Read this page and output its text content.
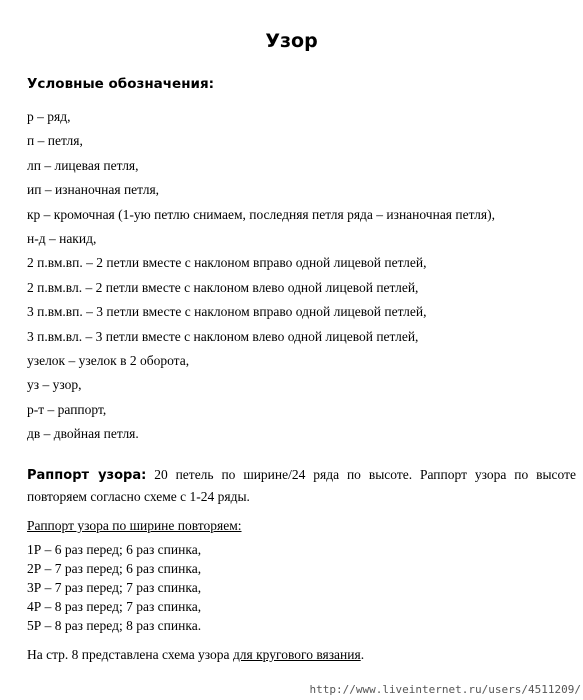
Узор
Условные обозначения:
р – ряд,
п – петля,
лп – лицевая петля,
ип – изнаночная петля,
кр – кромочная (1-ую петлю снимаем, последняя петля ряда – изнаночная петля),
н-д – накид,
2 п.вм.вп. – 2 петли вместе с наклоном вправо одной лицевой петлей,
2 п.вм.вл. – 2 петли вместе с наклоном влево одной лицевой петлей,
3 п.вм.вп. – 3 петли вместе с наклоном вправо одной лицевой петлей,
3 п.вм.вл. – 3 петли вместе с наклоном влево одной лицевой петлей,
узелок – узелок в 2 оборота,
уз – узор,
р-т – раппорт,
дв – двойная петля.
Раппорт узора: 20 петель по ширине/24 ряда по высоте. Раппорт узора по высоте повторяем согласно схеме с 1-24 ряды.
Раппорт узора по ширине повторяем:
1Р – 6 раз перед; 6 раз спинка,
2Р – 7 раз перед; 6 раз спинка,
3Р – 7 раз перед; 7 раз спинка,
4Р – 8 раз перед; 7 раз спинка,
5Р – 8 раз перед; 8 раз спинка.
На стр. 8 представлена схема узора для кругового вязания.
http://www.liveinternet.ru/users/4511209/
